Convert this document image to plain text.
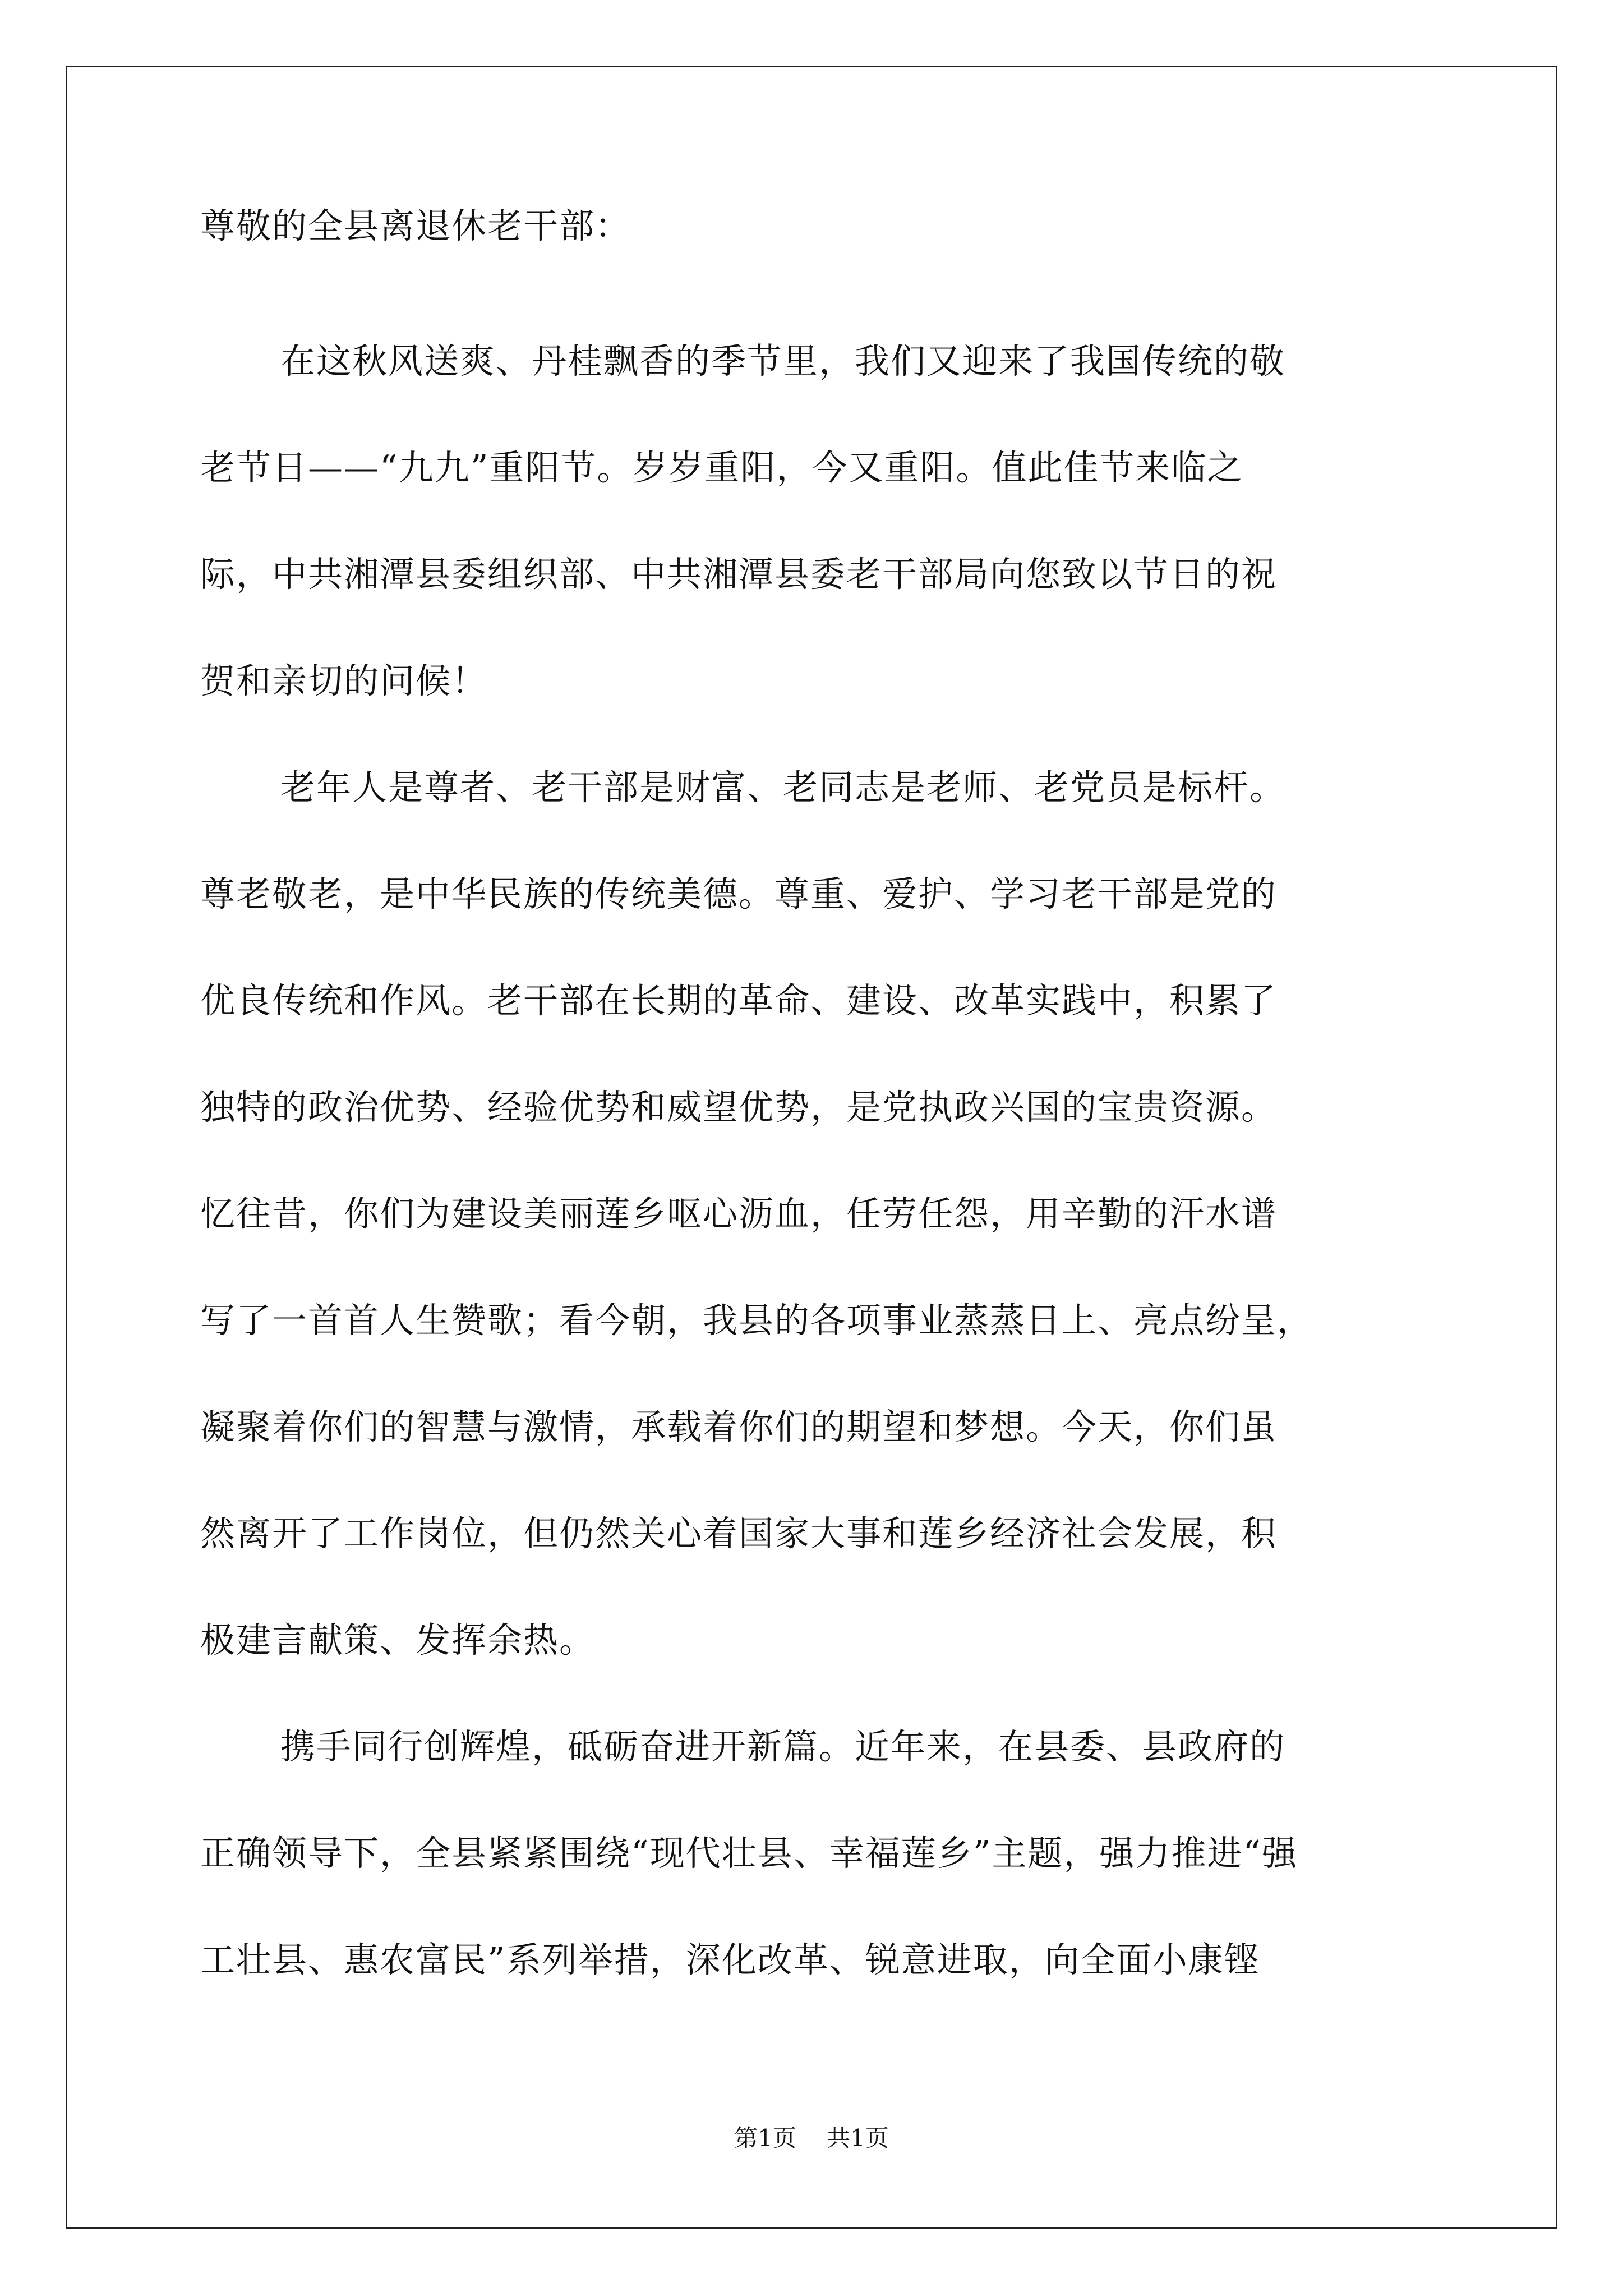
尊敬的全县离退休老干部：
在这秋风送爽、丹桂飘香的季节里，我们又迎来了我国传统的敬
老节日——“九九”重阳节。岁岁重阳，今又重阳。值此佳节来临之
际，中共湘潭县委组织部、中共湘潭县委老干部局向您致以节日的祝
贺和亲切的问候！
老年人是尊者、老干部是财富、老同志是老师、老党员是标杆。
尊老敬老，是中华民族的传统美德。尊重、爱护、学习老干部是党的
优良传统和作风。老干部在长期的革命、建设、改革实践中，积累了
独特的政治优势、经验优势和威望优势，是党执政兴国的宝贵资源。
忆往昔，你们为建设美丽莲乡呕心沥血，任劳任怨，用辛勤的汗水谱
写了一首首人生赞歌；看今朝，我县的各项事业蒸蒸日上、亮点纷呈，
凝聚着你们的智慧与激情，承载着你们的期望和梦想。今天，你们虽
然离开了工作岗位，但仍然关心着国家大事和莲乡经济社会发展，积
极建言献策、发挥余热。
携手同行创辉煌，砥砺奋进开新篇。近年来，在县委、县政府的
正确领导下，全县紧紧围绕“现代壮县、幸福莲乡”主题，强力推进“强
工壮县、惠农富民”系列举措，深化改革、锐意进取，向全面小康铿
第1页 共1页
